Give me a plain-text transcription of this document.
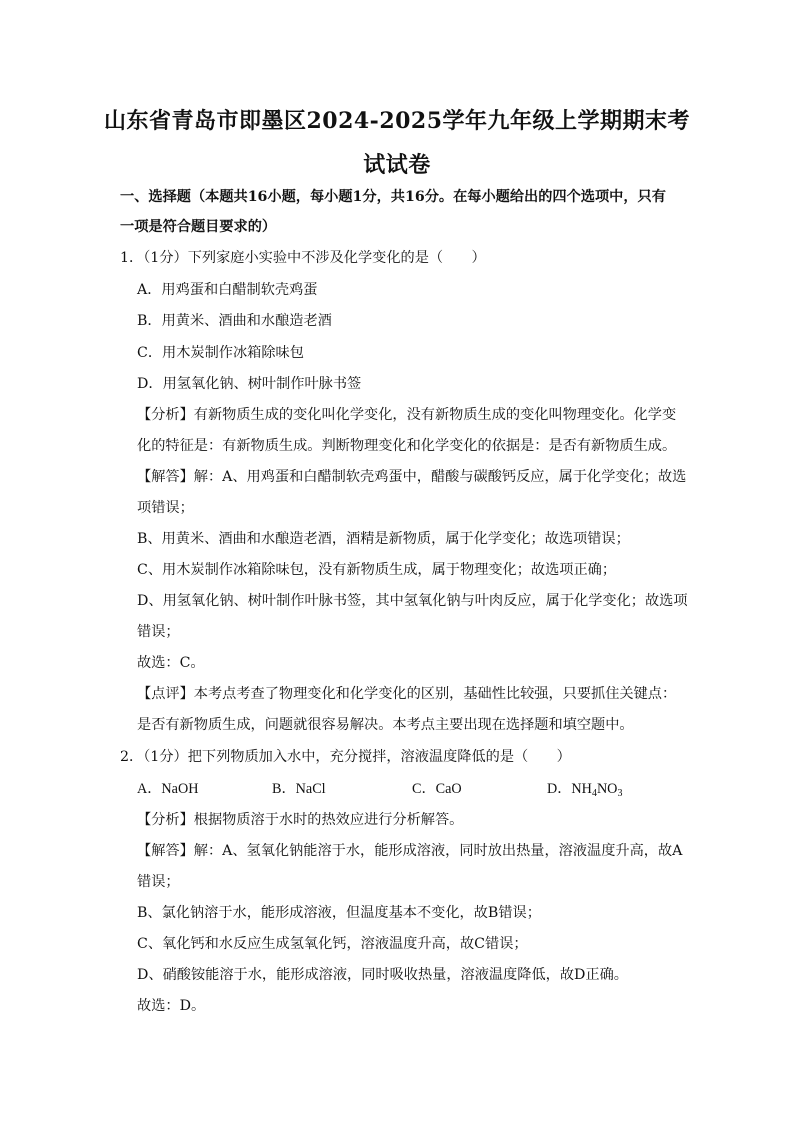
山东省青岛市即墨区2024-2025学年九年级上学期期末考
试试卷
一、选择题（本题共16小题，每小题1分，共16分。在每小题给出的四个选项中，只有
一项是符合题目要求的）
1．（1分）下列家庭小实验中不涉及化学变化的是（　　）
A．用鸡蛋和白醋制软壳鸡蛋
B．用黄米、酒曲和水酿造老酒
C．用木炭制作冰箱除味包
D．用氢氧化钠、树叶制作叶脉书签
【分析】有新物质生成的变化叫化学变化，没有新物质生成的变化叫物理变化。化学变
化的特征是：有新物质生成。判断物理变化和化学变化的依据是：是否有新物质生成。
【解答】解：A、用鸡蛋和白醋制软壳鸡蛋中，醋酸与碳酸钙反应，属于化学变化；故选
项错误；
B、用黄米、酒曲和水酿造老酒，酒精是新物质，属于化学变化；故选项错误；
C、用木炭制作冰箱除味包，没有新物质生成，属于物理变化；故选项正确；
D、用氢氧化钠、树叶制作叶脉书签，其中氢氧化钠与叶肉反应，属于化学变化；故选项
错误；
故选：C。
【点评】本考点考查了物理变化和化学变化的区别，基础性比较强，只要抓住关键点：
是否有新物质生成，问题就很容易解决。本考点主要出现在选择题和填空题中。
2．（1分）把下列物质加入水中，充分搅拌，溶液温度降低的是（　　）
A．NaOH	B．NaCl	C．CaO	D．$NH_4NO_3$
【分析】根据物质溶于水时的热效应进行分析解答。
【解答】解：A、氢氧化钠能溶于水，能形成溶液，同时放出热量，溶液温度升高，故A
错误；
B、氯化钠溶于水，能形成溶液，但温度基本不变化，故B错误；
C、氧化钙和水反应生成氢氧化钙，溶液温度升高，故C错误；
D、硝酸铵能溶于水，能形成溶液，同时吸收热量，溶液温度降低，故D正确。
故选：D。
